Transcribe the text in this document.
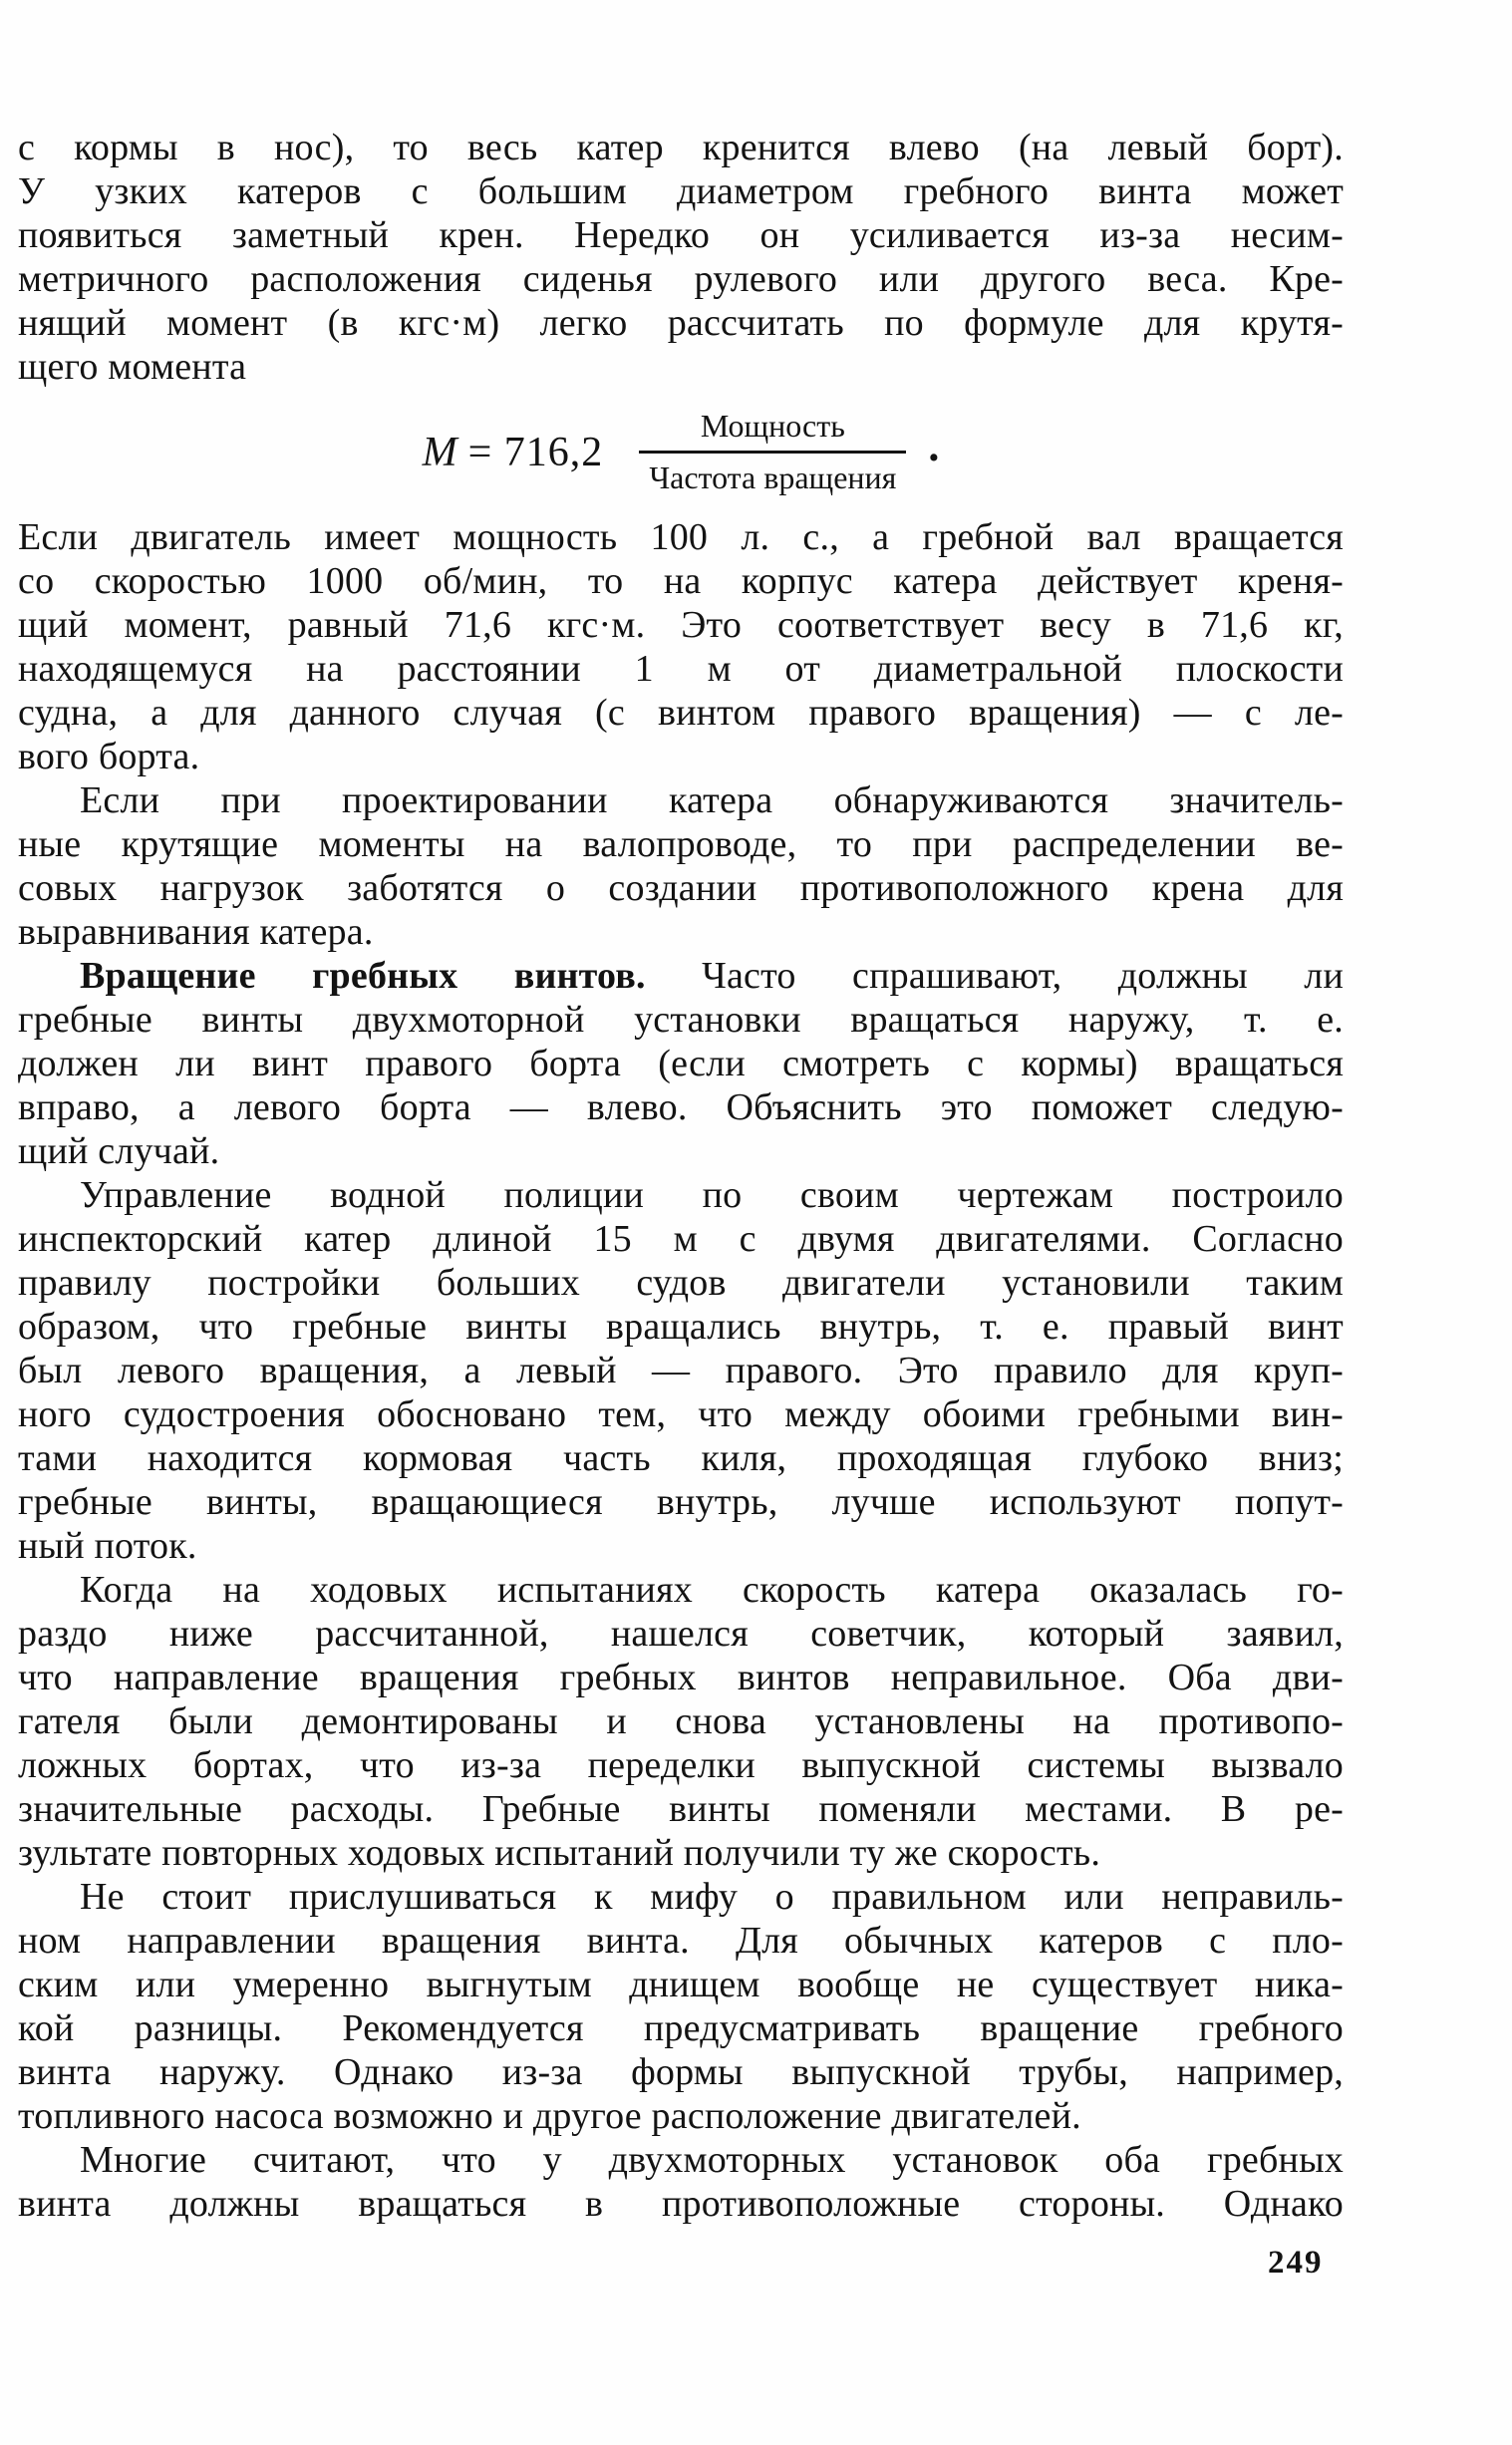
с кормы в нос), то весь катер кренится влево (на левый борт).
У узких катеров с большим диаметром гребного винта может
появиться заметный крен. Нередко он усиливается из-за несим-
метричного расположения сиденья рулевого или другого веса. Кре-
нящий момент (в кгс·м) легко рассчитать по формуле для крутя-
щего момента
$M = 716,2 \frac{\text{Мощность}}{\text{Частота вращения}}$ .
Если двигатель имеет мощность 100 л. с., а гребной вал вращается
со скоростью 1000 об/мин, то на корпус катера действует креня-
щий момент, равный 71,6 кгс·м. Это соответствует весу в 71,6 кг,
находящемуся на расстоянии 1 м от диаметральной плоскости
судна, а для данного случая (с винтом правого вращения) — с ле-
вого борта.
Если при проектировании катера обнаруживаются значитель-
ные крутящие моменты на валопроводе, то при распределении ве-
совых нагрузок заботятся о создании противоположного крена для
выравнивания катера.
Вращение гребных винтов. Часто спрашивают, должны ли
гребные винты двухмоторной установки вращаться наружу, т. е.
должен ли винт правого борта (если смотреть с кормы) вращаться
вправо, а левого борта — влево. Объяснить это поможет следую-
щий случай.
Управление водной полиции по своим чертежам построило
инспекторский катер длиной 15 м с двумя двигателями. Согласно
правилу постройки больших судов двигатели установили таким
образом, что гребные винты вращались внутрь, т. е. правый винт
был левого вращения, а левый — правого. Это правило для круп-
ного судостроения обосновано тем, что между обоими гребными вин-
тами находится кормовая часть киля, проходящая глубоко вниз;
гребные винты, вращающиеся внутрь, лучше используют попут-
ный поток.
Когда на ходовых испытаниях скорость катера оказалась го-
раздо ниже рассчитанной, нашелся советчик, который заявил,
что направление вращения гребных винтов неправильное. Оба дви-
гателя были демонтированы и снова установлены на противопо-
ложных бортах, что из-за переделки выпускной системы вызвало
значительные расходы. Гребные винты поменяли местами. В ре-
зультате повторных ходовых испытаний получили ту же скорость.
Не стоит прислушиваться к мифу о правильном или неправиль-
ном направлении вращения винта. Для обычных катеров с пло-
ским или умеренно выгнутым днищем вообще не существует ника-
кой разницы. Рекомендуется предусматривать вращение гребного
винта наружу. Однако из-за формы выпускной трубы, например,
топливного насоса возможно и другое расположение двигателей.
Многие считают, что у двухмоторных установок оба гребных
винта должны вращаться в противоположные стороны. Однако
249
